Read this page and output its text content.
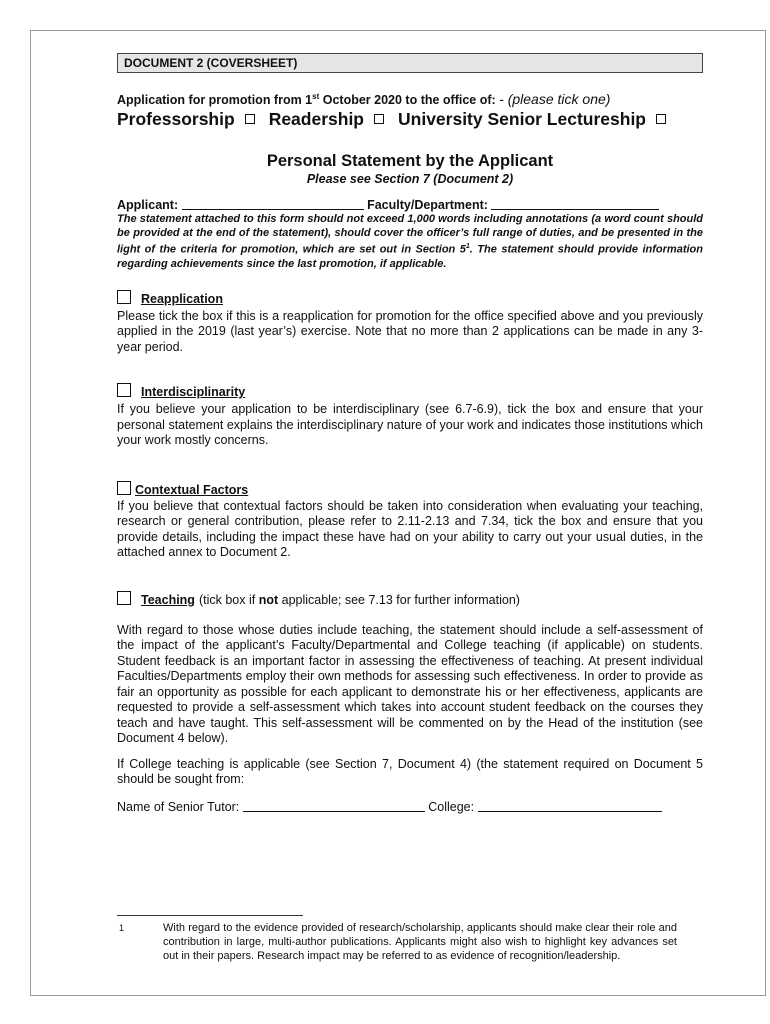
DOCUMENT 2 (COVERSHEET)
Application for promotion from 1st October 2020 to the office of: - (please tick one)
Professorship Readership University Senior Lectureship
Personal Statement by the Applicant
Please see Section 7 (Document 2)
Applicant:	Faculty/Department:
The statement attached to this form should not exceed 1,000 words including annotations (a word count should be provided at the end of the statement), should cover the officer’s full range of duties, and be presented in the light of the criteria for promotion, which are set out in Section $5^1$. The statement should provide information regarding achievements since the last promotion, if applicable.
Reapplication
Please tick the box if this is a reapplication for promotion for the office specified above and you previously applied in the 2019 (last year’s) exercise. Note that no more than 2 applications can be made in any 3-year period.
Interdisciplinarity
If you believe your application to be interdisciplinary (see 6.7-6.9), tick the box and ensure that your personal statement explains the interdisciplinary nature of your work and indicates those institutions which your work mostly concerns.
Contextual Factors
If you believe that contextual factors should be taken into consideration when evaluating your teaching, research or general contribution, please refer to 2.11-2.13 and 7.34, tick the box and ensure that you provide details, including the impact these have had on your ability to carry out your usual duties, in the attached annex to Document 2.
Teaching (tick box if not applicable; see 7.13 for further information)
With regard to those whose duties include teaching, the statement should include a self-assessment of the impact of the applicant’s Faculty/Departmental and College teaching (if applicable) on students. Student feedback is an important factor in assessing the effectiveness of teaching. At present individual Faculties/Departments employ their own methods for assessing such effectiveness. In order to provide as fair an opportunity as possible for each applicant to demonstrate his or her effectiveness, applicants are requested to provide a self-assessment which takes into account student feedback on the courses they teach and have taught. This self-assessment will be commented on by the Head of the institution (see Document 4 below).
If College teaching is applicable (see Section 7, Document 4) (the statement required on Document 5 should be sought from:
Name of Senior Tutor:	College:
1	With regard to the evidence provided of research/scholarship, applicants should make clear their role and contribution in large, multi-author publications. Applicants might also wish to highlight key advances set out in their papers. Research impact may be referred to as evidence of recognition/leadership.
